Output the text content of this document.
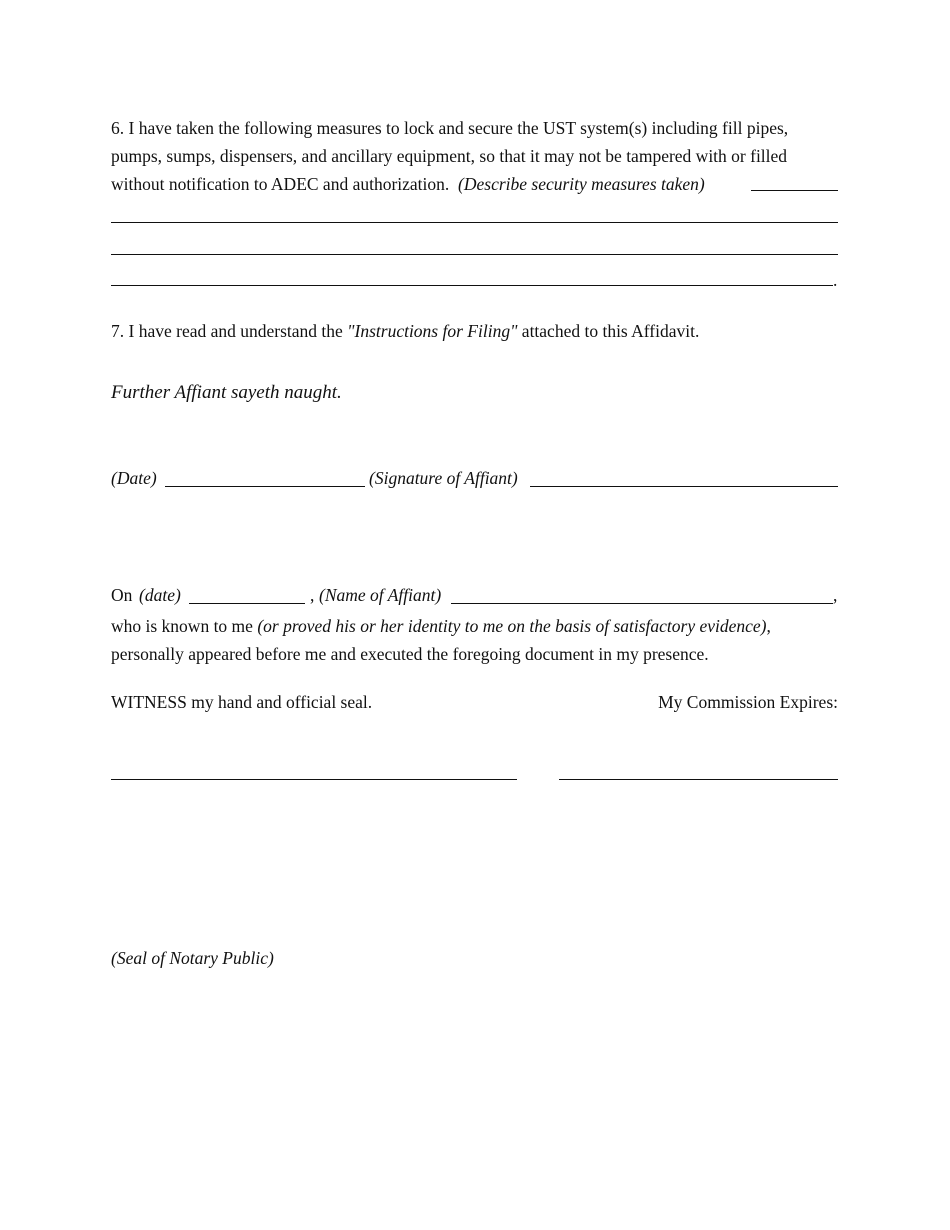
6. I have taken the following measures to lock and secure the UST system(s) including fill pipes,
pumps, sumps, dispensers, and ancillary equipment, so that it may not be tampered with or filled
without notification to ADEC and authorization. (Describe security measures taken)
.
7. I have read and understand the "Instructions for Filing" attached to this Affidavit.
Further Affiant sayeth naught.
(Date)	(Signature of Affiant)
On (date)	, (Name of Affiant)	,
who is known to me (or proved his or her identity to me on the basis of satisfactory evidence),
personally appeared before me and executed the foregoing document in my presence.
WITNESS my hand and official seal.	My Commission Expires:
(Seal of Notary Public)
